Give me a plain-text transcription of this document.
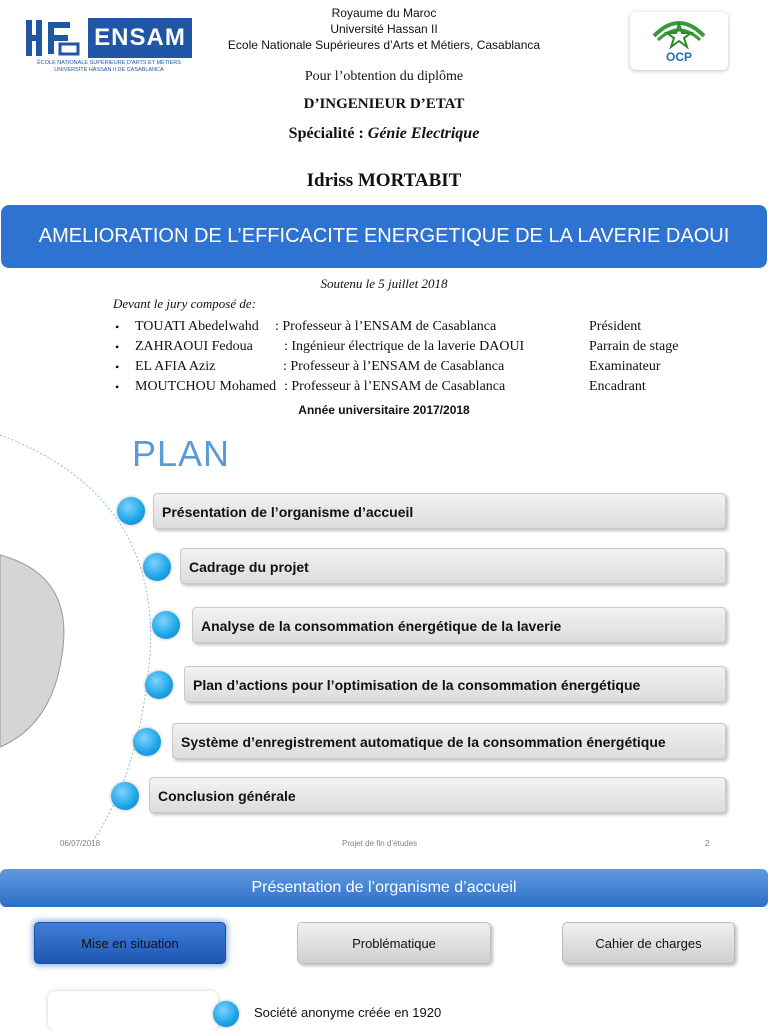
ENSAM
ÉCOLE NATIONALE SUPÉRIEURE D'ARTS ET MÉTIERS
UNIVERSITÉ HASSAN II DE CASABLANCA
Royaume du Maroc
Université Hassan II
Ecole Nationale Supérieures d’Arts et Métiers, Casablanca
OCP
Pour l’obtention du diplôme
D’INGENIEUR D’ETAT
Spécialité : Génie Electrique
Idriss MORTABIT
AMELIORATION DE L’EFFICACITE ENERGETIQUE DE LA LAVERIE DAOUI
Soutenu le 5 juillet 2018
Devant le jury composé de:
• TOUATI Abedelwahd : Professeur à l’ENSAM de Casablanca	Président
• ZAHRAOUI Fedoua : Ingénieur électrique de la laverie DAOUI	Parrain de stage
• EL AFIA Aziz	: Professeur à l’ENSAM de Casablanca	Examinateur
• MOUTCHOU Mohamed : Professeur à l’ENSAM de Casablanca	Encadrant
Année universitaire 2017/2018
PLAN
Présentation de l’organisme d’accueil
Cadrage du projet
Analyse de la consommation énergétique de la laverie
Plan d’actions pour l’optimisation de la consommation énergétique
Système d’enregistrement automatique de la consommation énergétique
Conclusion générale
06/07/2018	Projet de fin d’études	2
Présentation de l’organisme d’accueil
Mise en situation	Problématique	Cahier de charges
Société anonyme créée en 1920
